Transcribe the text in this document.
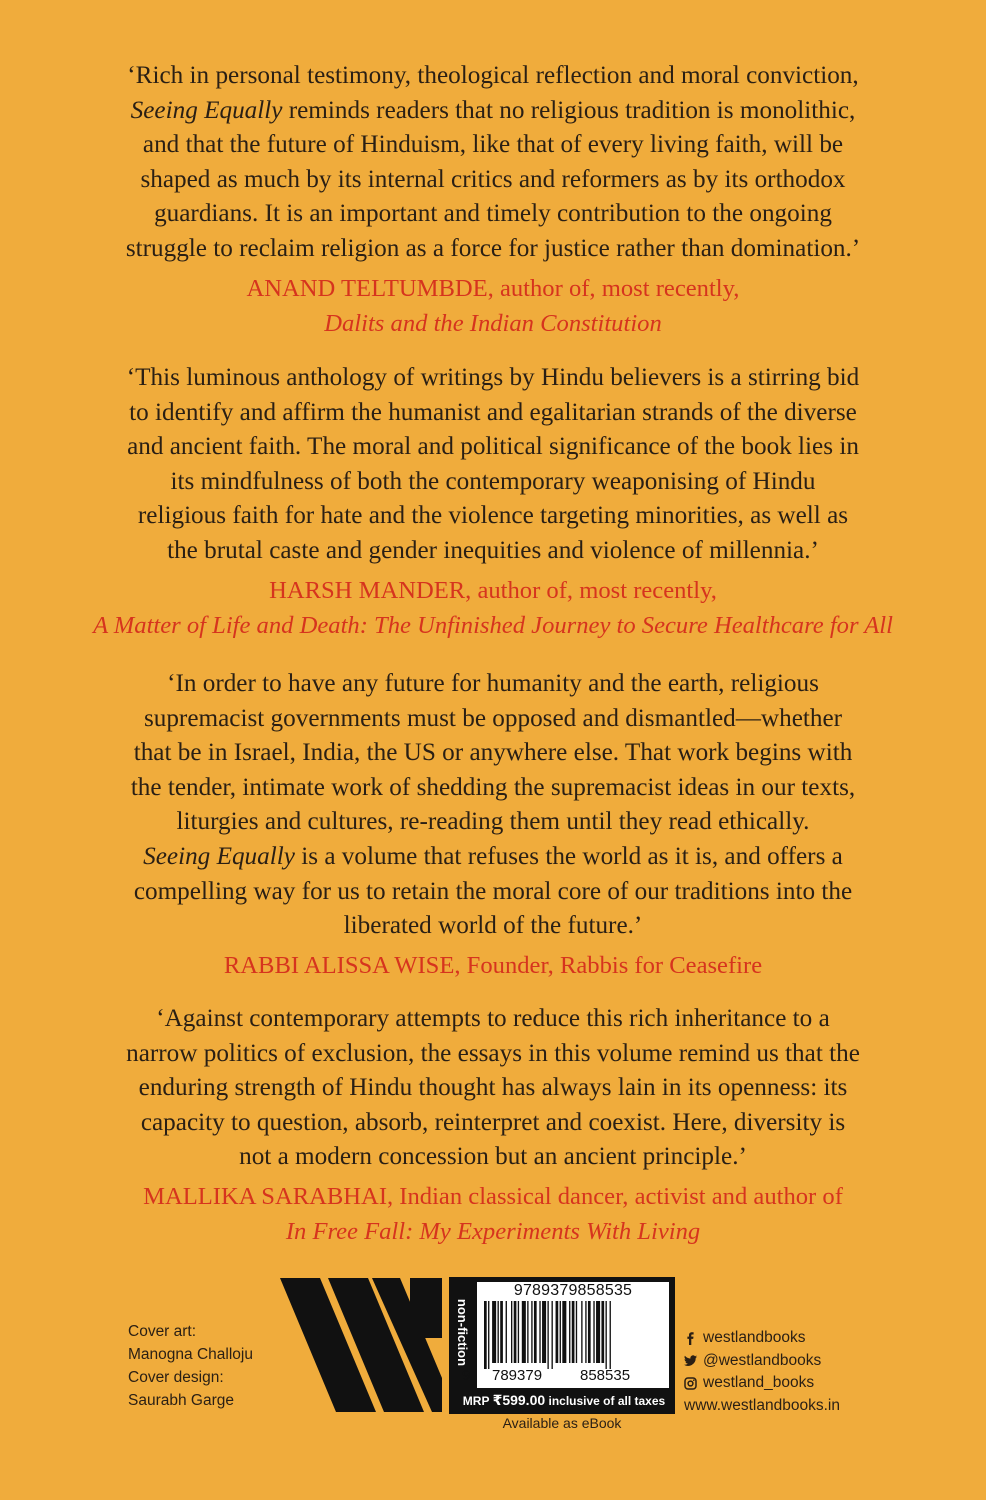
‘Rich in personal testimony, theological reflection and moral conviction,
Seeing Equally reminds readers that no religious tradition is monolithic,
and that the future of Hinduism, like that of every living faith, will be
shaped as much by its internal critics and reformers as by its orthodox
guardians. It is an important and timely contribution to the ongoing
struggle to reclaim religion as a force for justice rather than domination.’
ANAND TELTUMBDE, author of, most recently,
Dalits and the Indian Constitution
‘This luminous anthology of writings by Hindu believers is a stirring bid
to identify and affirm the humanist and egalitarian strands of the diverse
and ancient faith. The moral and political significance of the book lies in
its mindfulness of both the contemporary weaponising of Hindu
religious faith for hate and the violence targeting minorities, as well as
the brutal caste and gender inequities and violence of millennia.’
HARSH MANDER, author of, most recently,
A Matter of Life and Death: The Unfinished Journey to Secure Healthcare for All
‘In order to have any future for humanity and the earth, religious
supremacist governments must be opposed and dismantled—whether
that be in Israel, India, the US or anywhere else. That work begins with
the tender, intimate work of shedding the supremacist ideas in our texts,
liturgies and cultures, re-reading them until they read ethically.
Seeing Equally is a volume that refuses the world as it is, and offers a
compelling way for us to retain the moral core of our traditions into the
liberated world of the future.’
RABBI ALISSA WISE, Founder, Rabbis for Ceasefire
‘Against contemporary attempts to reduce this rich inheritance to a
narrow politics of exclusion, the essays in this volume remind us that the
enduring strength of Hindu thought has always lain in its openness: its
capacity to question, absorb, reinterpret and coexist. Here, diversity is
not a modern concession but an ancient principle.’
MALLIKA SARABHAI, Indian classical dancer, activist and author of
In Free Fall: My Experiments With Living
Cover art:
Manogna Challoju
Cover design:
Saurabh Garge
non-fiction
9789379858535
9 789379	858535
MRP ₹599.00 inclusive of all taxes
Available as eBook
westlandbooks
@westlandbooks
westland_books
www.westlandbooks.in
